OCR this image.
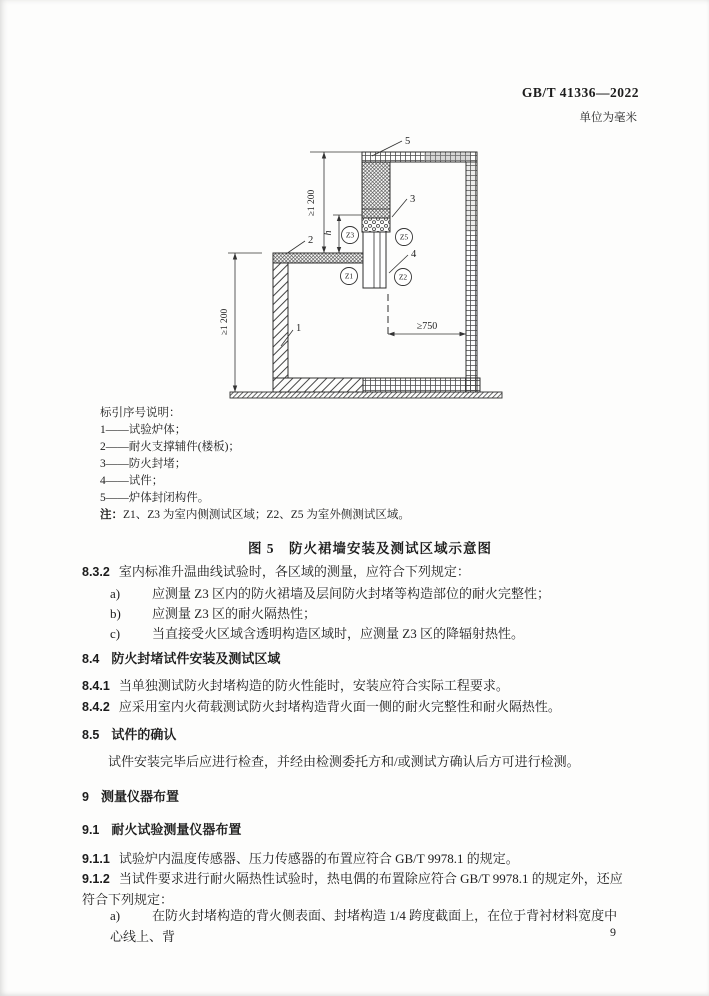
≥1 200
≥1 200
h
≥750
5
3
2
1
4
Z3	Z5
Z1	Z2
GB/T 41336—2022
单位为毫米
标引序号说明：
1——试验炉体；
2——耐火支撑辅件(楼板)；
3——防火封堵；
4——试件；
5——炉体封闭构件。
注：Z1、Z3 为室内侧测试区域；Z2、Z5 为室外侧测试区域。
图 5　防火裙墙安装及测试区域示意图
8.3.2 室内标准升温曲线试验时，各区域的测量，应符合下列规定：
a) 应测量 Z3 区内的防火裙墙及层间防火封堵等构造部位的耐火完整性；
b) 应测量 Z3 区的耐火隔热性；
c) 当直接受火区域含透明构造区域时，应测量 Z3 区的降辐射热性。
8.4 防火封堵试件安装及测试区域
8.4.1 当单独测试防火封堵构造的防火性能时，安装应符合实际工程要求。
8.4.2 应采用室内火荷载测试防火封堵构造背火面一侧的耐火完整性和耐火隔热性。
8.5 试件的确认
试件安装完毕后应进行检查，并经由检测委托方和/或测试方确认后方可进行检测。
9 测量仪器布置
9.1 耐火试验测量仪器布置
9.1.1 试验炉内温度传感器、压力传感器的布置应符合 GB/T 9978.1 的规定。
9.1.2 当试件要求进行耐火隔热性试验时，热电偶的布置除应符合 GB/T 9978.1 的规定外，还应符合下列规定：
a) 在防火封堵构造的背火侧表面、封堵构造 1/4 跨度截面上，在位于背衬材料宽度中心线上、背	9
